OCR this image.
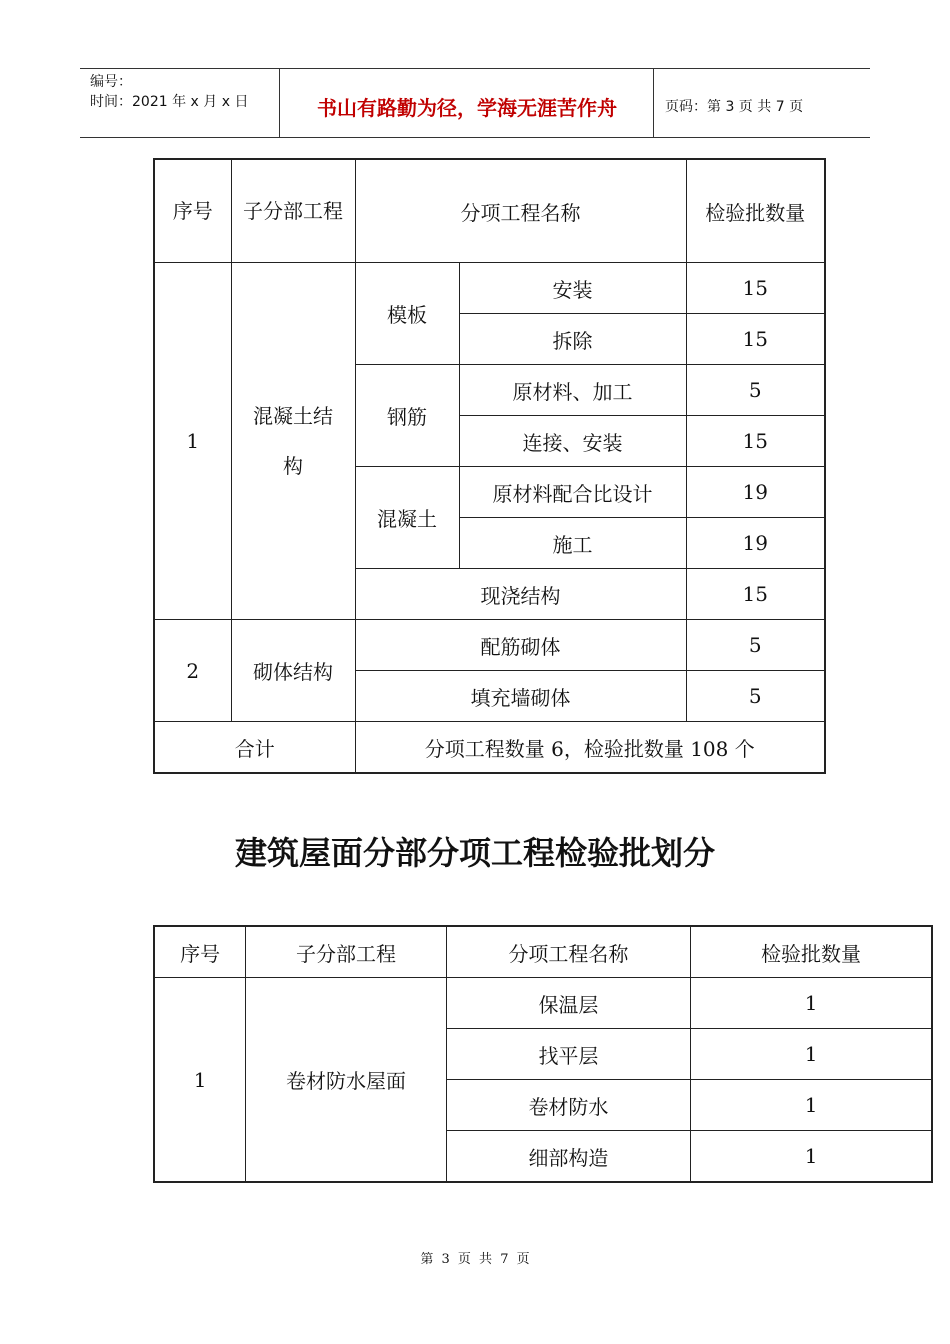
编号：
时间：2021 年 x 月 x 日	书山有路勤为径，学海无涯苦作舟	页码：第 3 页 共 7 页
序号	子分部工程	分项工程名称		检验批数量
1	混凝土结构	模板	安装	15
			拆除	15
		钢筋	原材料、加工	5
			连接、安装	15
		混凝土	原材料配合比设计	19
			施工	19
		现浇结构		15
2	砌体结构	配筋砌体		5
		填充墙砌体		5
合计		分项工程数量 6，检验批数量 108 个		
建筑屋面分部分项工程检验批划分
序号	子分部工程	分项工程名称	检验批数量
1	卷材防水屋面	保温层	1
		找平层	1
		卷材防水	1
		细部构造	1
第 3 页 共 7 页
